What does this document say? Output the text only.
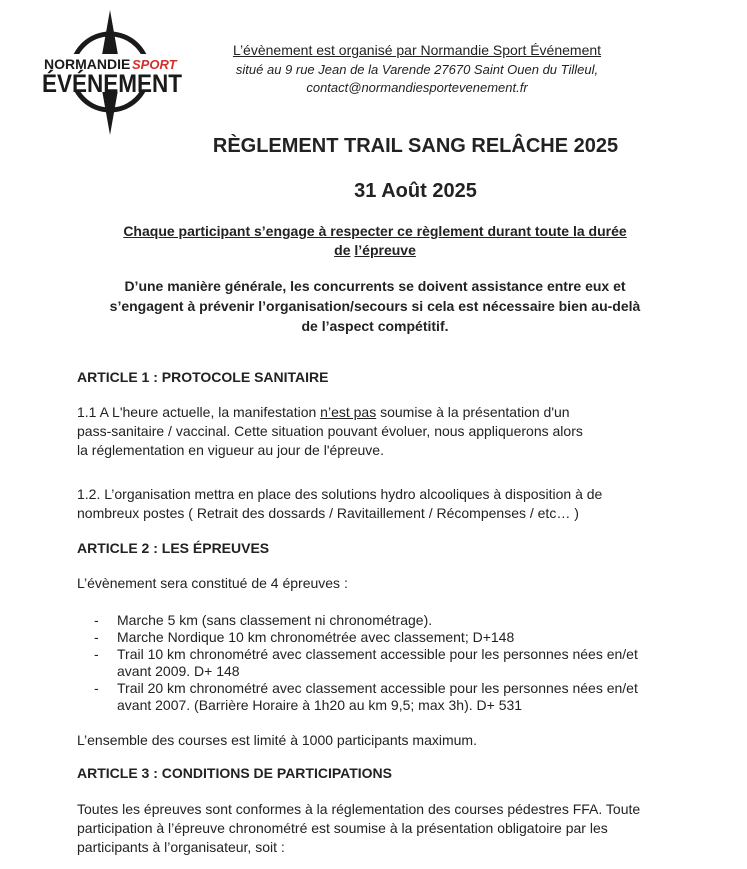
NORMANDIE SPORT
ÉVÉNEMENT
L’évènement est organisé par Normandie Sport Événement
situé au 9 rue Jean de la Varende 27670 Saint Ouen du Tilleul,
contact@normandiesportevenement.fr
RÈGLEMENT TRAIL SANG RELÂCHE 2025
31 Août 2025
Chaque participant s’engage à respecter ce règlement durant toute la durée
de l’épreuve
D’une manière générale, les concurrents se doivent assistance entre eux et
s’engagent à prévenir l’organisation/secours si cela est nécessaire bien au-delà
de l’aspect compétitif.
ARTICLE 1 : PROTOCOLE SANITAIRE
1.1 A L'heure actuelle, la manifestation n’est pas soumise à la présentation d'un
pass-sanitaire / vaccinal. Cette situation pouvant évoluer, nous appliquerons alors
la réglementation en vigueur au jour de l'épreuve.
1.2. L’organisation mettra en place des solutions hydro alcooliques à disposition à de
nombreux postes ( Retrait des dossards / Ravitaillement / Récompenses / etc… )
ARTICLE 2 : LES ÉPREUVES
L’évènement sera constitué de 4 épreuves :
-	Marche 5 km (sans classement ni chronométrage).
-	Marche Nordique 10 km chronométrée avec classement; D+148
-	Trail 10 km chronométré avec classement accessible pour les personnes nées en/et
avant 2009. D+ 148
-	Trail 20 km chronométré avec classement accessible pour les personnes nées en/et
avant 2007. (Barrière Horaire à 1h20 au km 9,5; max 3h). D+ 531
L’ensemble des courses est limité à 1000 participants maximum.
ARTICLE 3 : CONDITIONS DE PARTICIPATIONS
Toutes les épreuves sont conformes à la réglementation des courses pédestres FFA. Toute
participation à l’épreuve chronométré est soumise à la présentation obligatoire par les
participants à l’organisateur, soit :
